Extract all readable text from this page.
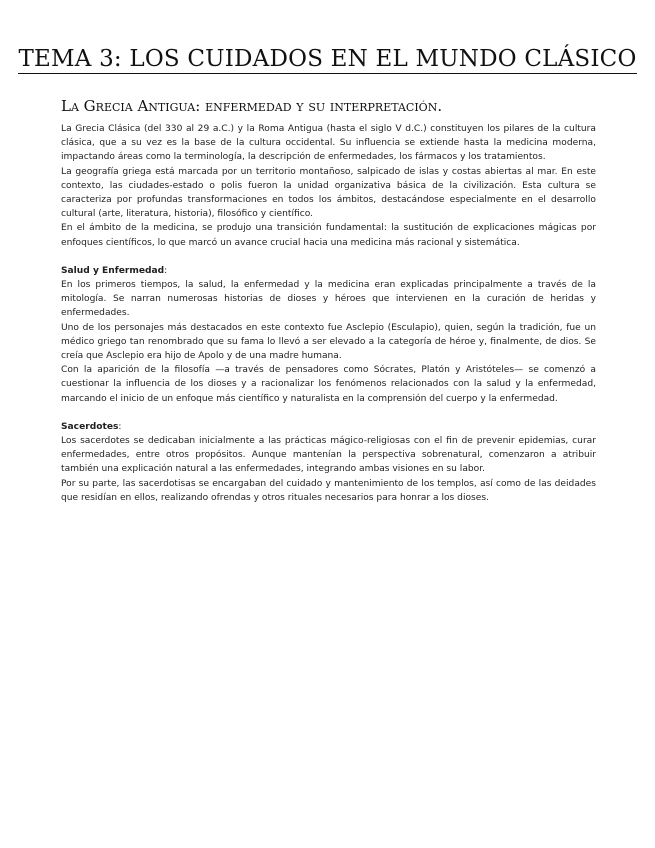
TEMA 3: LOS CUIDADOS EN EL MUNDO CLÁSICO
La Grecia Antigua: enfermedad y su interpretación.

La Grecia Clásica (del 330 al 29 a.C.) y la Roma Antigua (hasta el siglo V d.C.) constituyen los pilares de la cultura clásica, que a su vez es la base de la cultura occidental. Su influencia se extiende hasta la medicina moderna, impactando áreas como la terminología, la descripción de enfermedades, los fármacos y los tratamientos.

La geografía griega está marcada por un territorio montañoso, salpicado de islas y costas abiertas al mar. En este contexto, las ciudades-estado o polis fueron la unidad organizativa básica de la civilización. Esta cultura se caracteriza por profundas transformaciones en todos los ámbitos, destacándose especialmente en el desarrollo cultural (arte, literatura, historia), filosófico y científico.

En el ámbito de la medicina, se produjo una transición fundamental: la sustitución de explicaciones mágicas por enfoques científicos, lo que marcó un avance crucial hacia una medicina más racional y sistemática.

Salud y Enfermedad:

En los primeros tiempos, la salud, la enfermedad y la medicina eran explicadas principalmente a través de la mitología. Se narran numerosas historias de dioses y héroes que intervienen en la curación de heridas y enfermedades.

Uno de los personajes más destacados en este contexto fue Asclepio (Esculapio), quien, según la tradición, fue un médico griego tan renombrado que su fama lo llevó a ser elevado a la categoría de héroe y, finalmente, de dios. Se creía que Asclepio era hijo de Apolo y de una madre humana.

Con la aparición de la filosofía —a través de pensadores como Sócrates, Platón y Aristóteles— se comenzó a cuestionar la influencia de los dioses y a racionalizar los fenómenos relacionados con la salud y la enfermedad, marcando el inicio de un enfoque más científico y naturalista en la comprensión del cuerpo y la enfermedad.

Sacerdotes:

Los sacerdotes se dedicaban inicialmente a las prácticas mágico-religiosas con el fin de prevenir epidemias, curar enfermedades, entre otros propósitos. Aunque mantenían la perspectiva sobrenatural, comenzaron a atribuir también una explicación natural a las enfermedades, integrando ambas visiones en su labor.

Por su parte, las sacerdotisas se encargaban del cuidado y mantenimiento de los templos, así como de las deidades que residían en ellos, realizando ofrendas y otros rituales necesarios para honrar a los dioses.
